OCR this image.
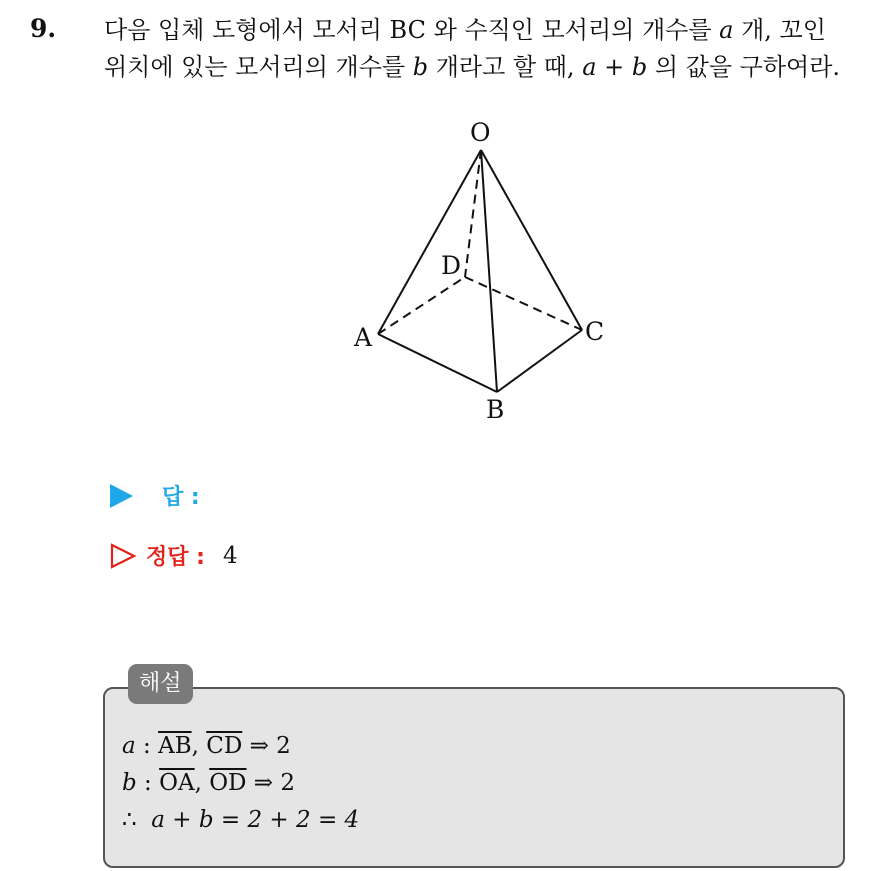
9. 다음 입체 도형에서 모서리 BC 와 수직인 모서리의 개수를 a 개, 꼬인
위치에 있는 모서리의 개수를 b 개라고 할 때, a + b 의 값을 구하여라.
O
A
B
C
D
답 :
정답 : 4
해설
a : $\overline{AB}$, $\overline{CD}$ ⇒ 2
b : $\overline{OA}$, $\overline{OD}$ ⇒ 2
∴ a + b = 2 + 2 = 4
